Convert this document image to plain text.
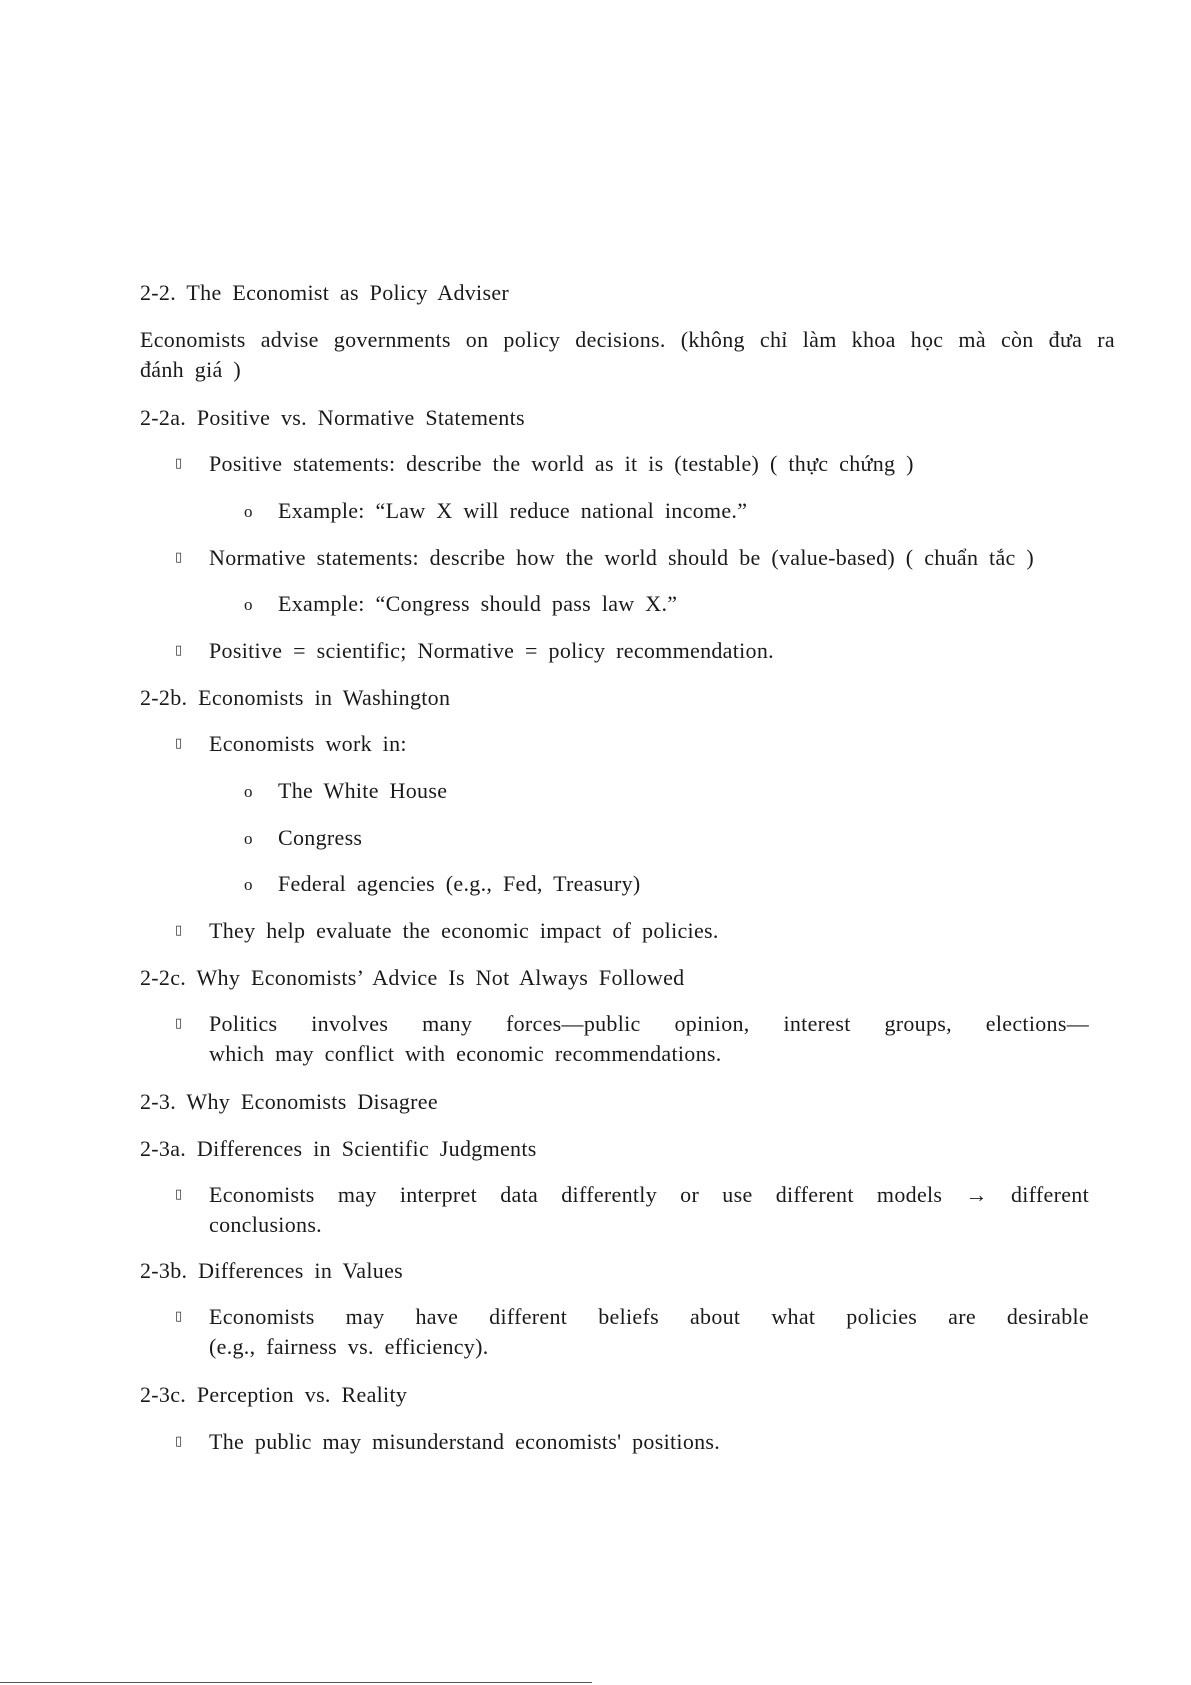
2-2. The Economist as Policy Adviser

Economists advise governments on policy decisions. (không chỉ làm khoa học mà còn đưa ra
đánh giá )

2-2a. Positive vs. Normative Statements

▯ Positive statements: describe the world as it is (testable) ( thực chứng )
o Example: “Law X will reduce national income.”
▯ Normative statements: describe how the world should be (value-based) ( chuẩn tắc )
o Example: “Congress should pass law X.”
▯ Positive = scientific; Normative = policy recommendation.

2-2b. Economists in Washington

▯ Economists work in:
o The White House
o Congress
o Federal agencies (e.g., Fed, Treasury)
▯ They help evaluate the economic impact of policies.

2-2c. Why Economists’ Advice Is Not Always Followed

▯ Politics involves many forces—public opinion, interest groups, elections—
which may conflict with economic recommendations.

2-3. Why Economists Disagree

2-3a. Differences in Scientific Judgments

▯ Economists may interpret data differently or use different models → different
conclusions.

2-3b. Differences in Values

▯ Economists may have different beliefs about what policies are desirable
(e.g., fairness vs. efficiency).

2-3c. Perception vs. Reality

▯ The public may misunderstand economists' positions.
